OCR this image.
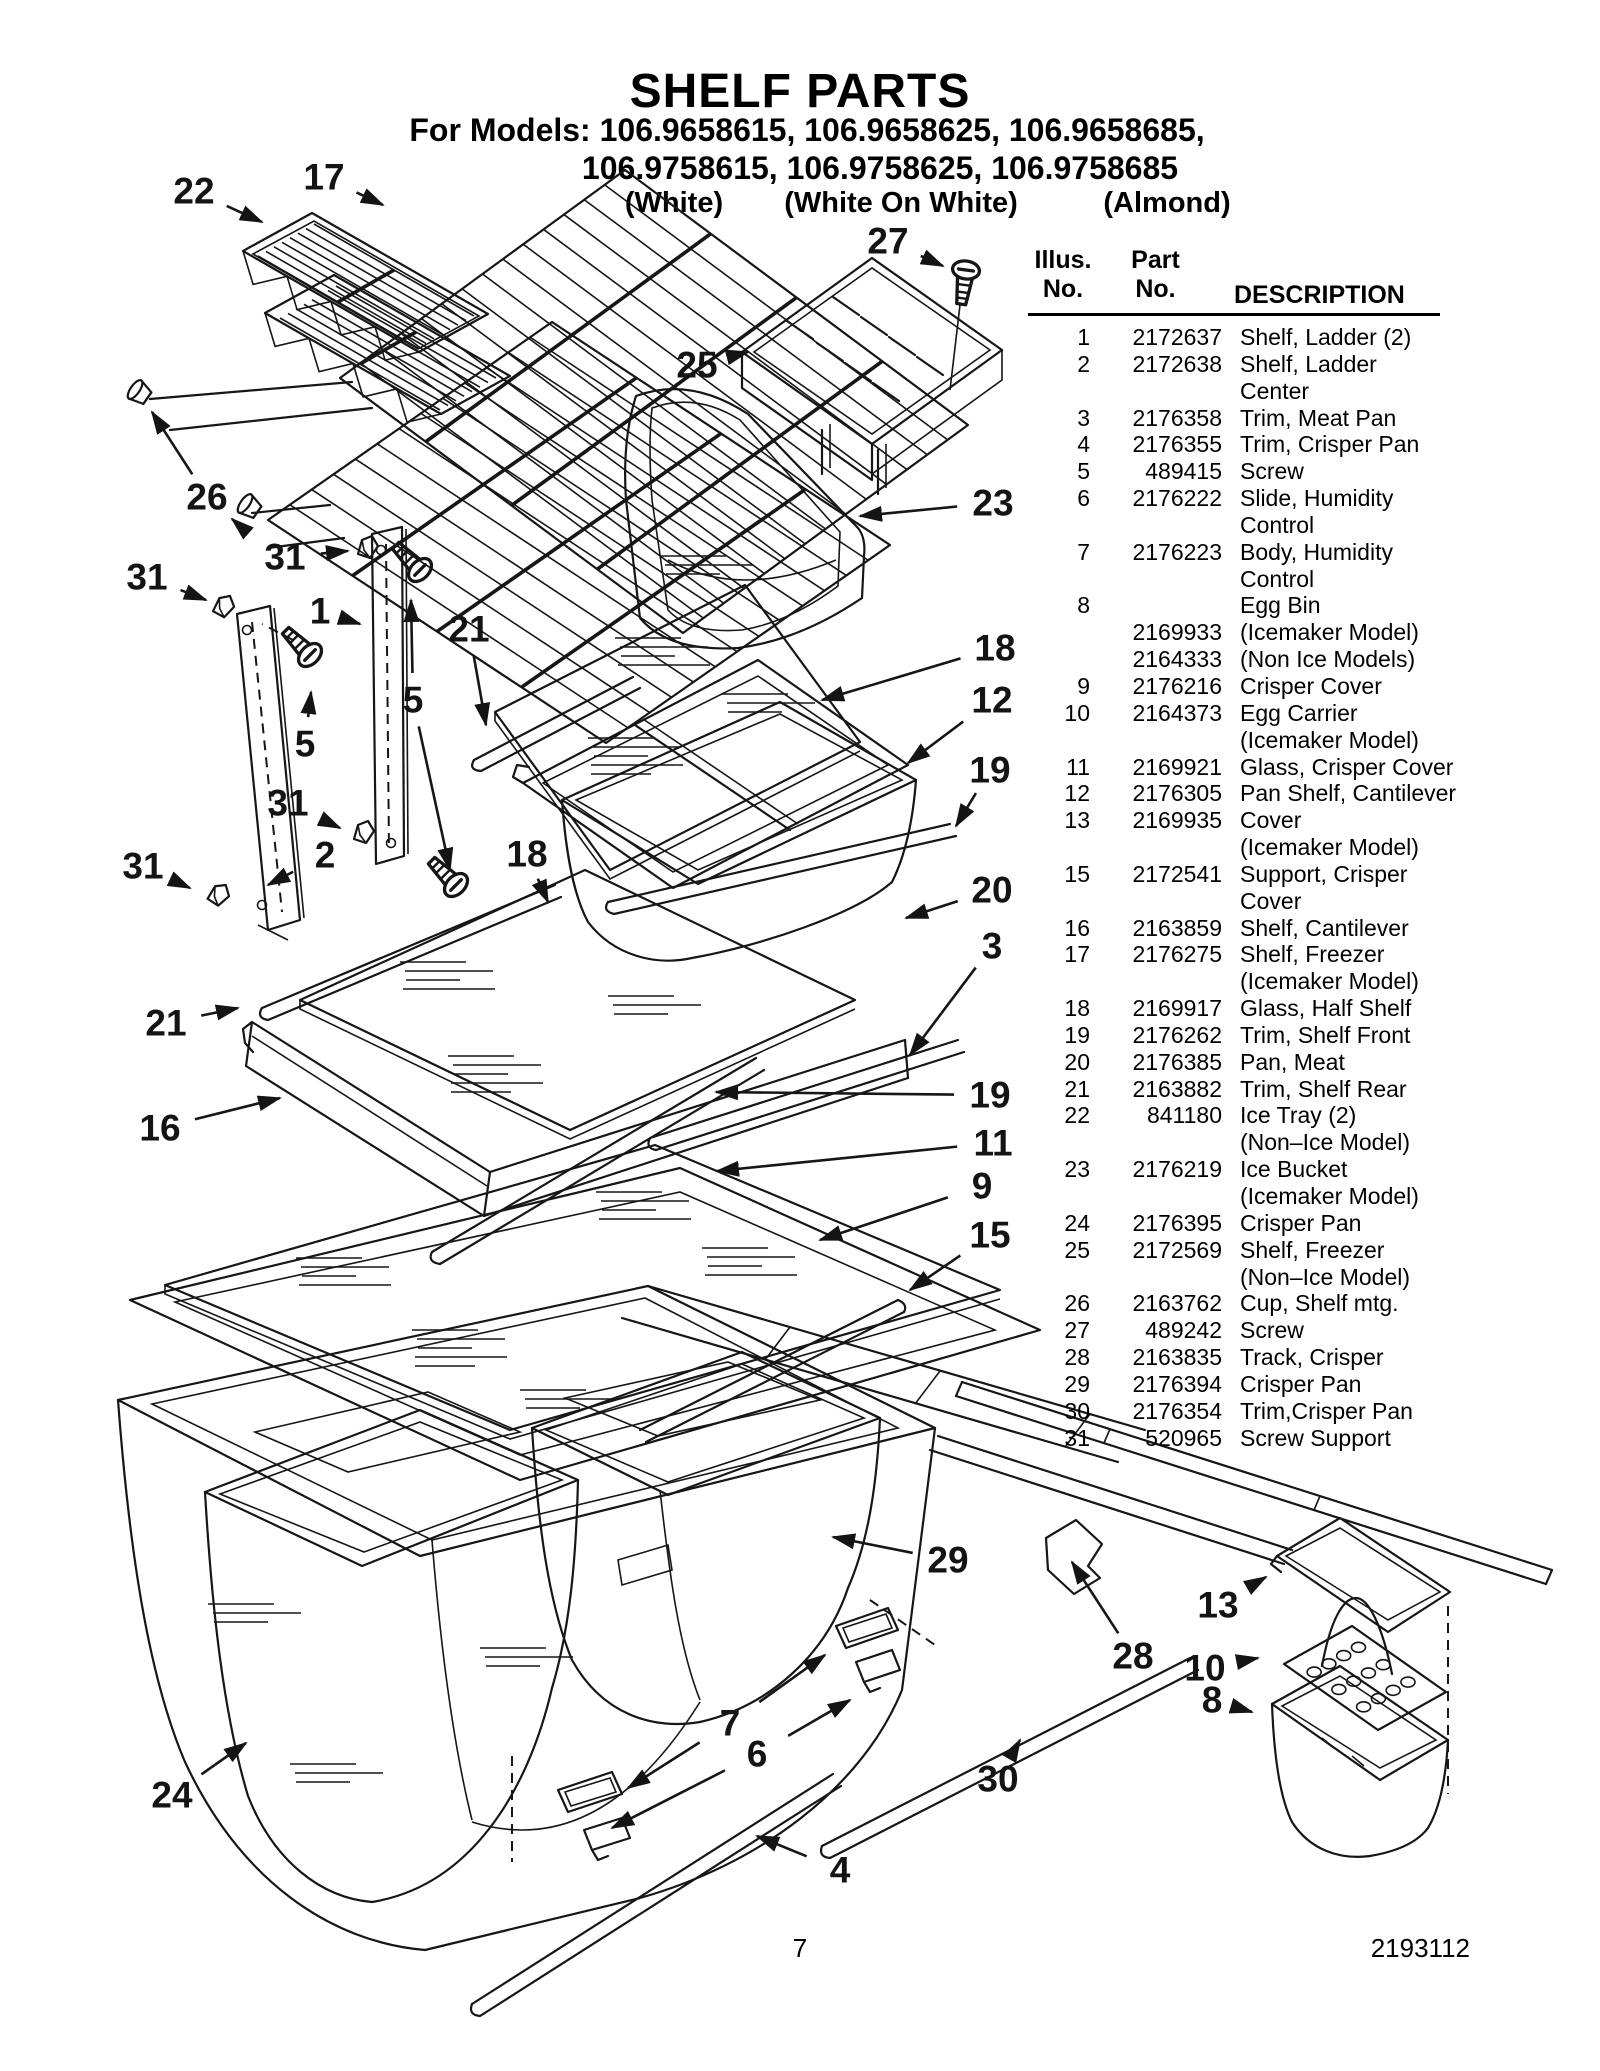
SHELF PARTS
For Models: 106.9658615, 106.9658625, 106.9658685,
106.9758615, 106.9758625, 106.9758685
(White) (White On White)	(Almond)
22 17
27
25
23
26
31
31
1	21
5
5
18
12
19
31
2
31	18
20
3
21
16
19
11
9
15
29
13
28 10
8
7
6
30
24
4
Illus.
No.
Part
No.	DESCRIPTION
1	2172637 Shelf, Ladder (2)
2	2172638 Shelf, Ladder
Center
3	2176358 Trim, Meat Pan
4	2176355 Trim, Crisper Pan
5	489415 Screw
6	2176222 Slide, Humidity
Control
7	2176223 Body, Humidity
Control
8	Egg Bin
2169933 (Icemaker Model)
2164333 (Non Ice Models)
9	2176216 Crisper Cover
10	2164373 Egg Carrier
(Icemaker Model)
11	2169921 Glass, Crisper Cover
12	2176305 Pan Shelf, Cantilever
13	2169935 Cover
(Icemaker Model)
15	2172541 Support, Crisper
Cover
16	2163859 Shelf, Cantilever
17	2176275 Shelf, Freezer
(Icemaker Model)
18	2169917 Glass, Half Shelf
19	2176262 Trim, Shelf Front
20	2176385 Pan, Meat
21	2163882 Trim, Shelf Rear
22	841180 Ice Tray (2)
(Non–Ice Model)
23	2176219 Ice Bucket
(Icemaker Model)
24	2176395 Crisper Pan
25	2172569 Shelf, Freezer
(Non–Ice Model)
26	2163762 Cup, Shelf mtg.
27	489242 Screw
28	2163835 Track, Crisper
29	2176394 Crisper Pan
30	2176354 Trim,Crisper Pan
31	520965 Screw Support
7	2193112
